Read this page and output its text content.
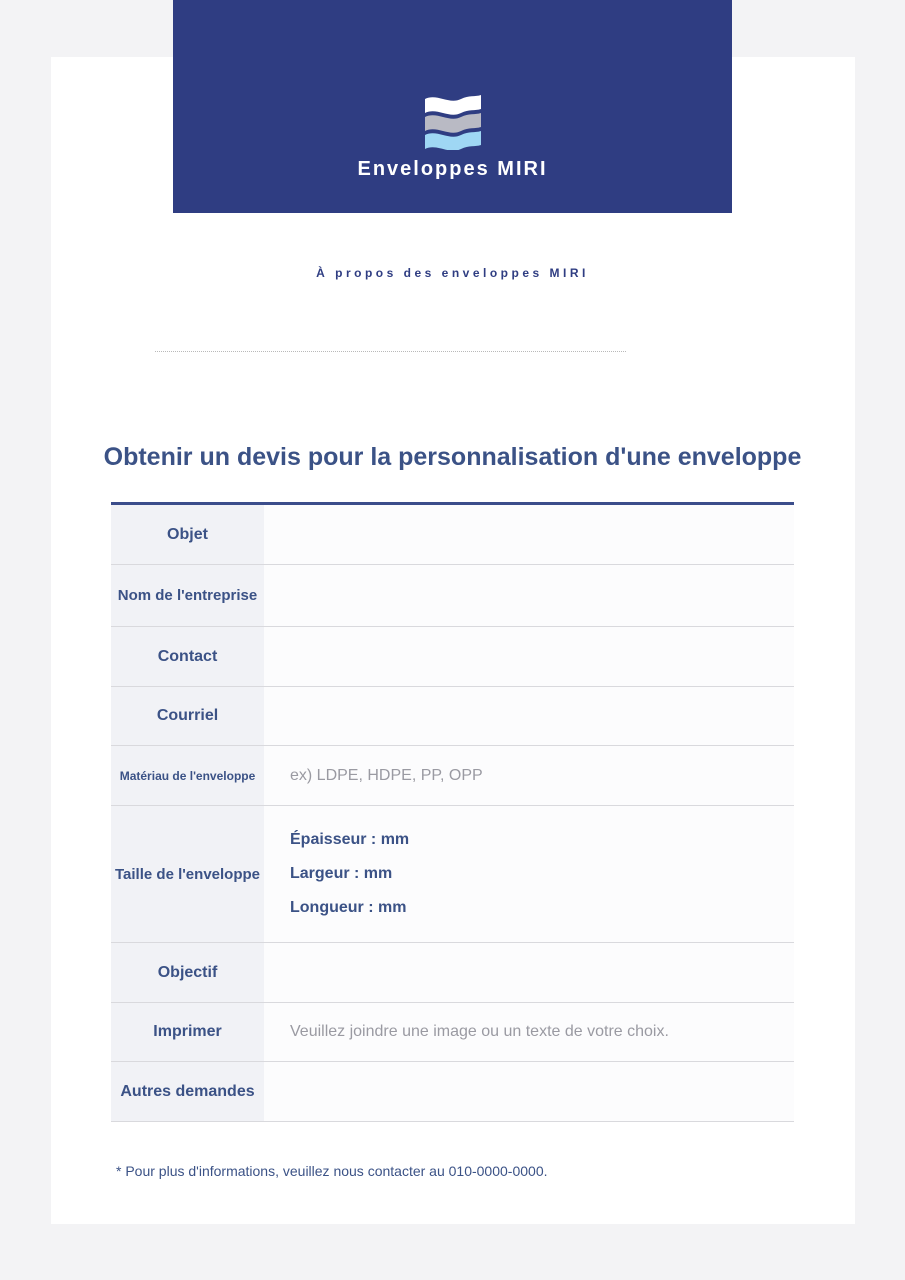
Enveloppes MIRI
À propos des enveloppes MIRI
Obtenir un devis pour la personnalisation d'une enveloppe
Objet
Nom de l'entreprise
Contact
Courriel
Matériau de l'enveloppe	ex) LDPE, HDPE, PP, OPP
Taille de l'enveloppe
Épaisseur : mm
Largeur : mm
Longueur : mm
Objectif
Imprimer	Veuillez joindre une image ou un texte de votre choix.
Autres demandes
* Pour plus d'informations, veuillez nous contacter au 010-0000-0000.
